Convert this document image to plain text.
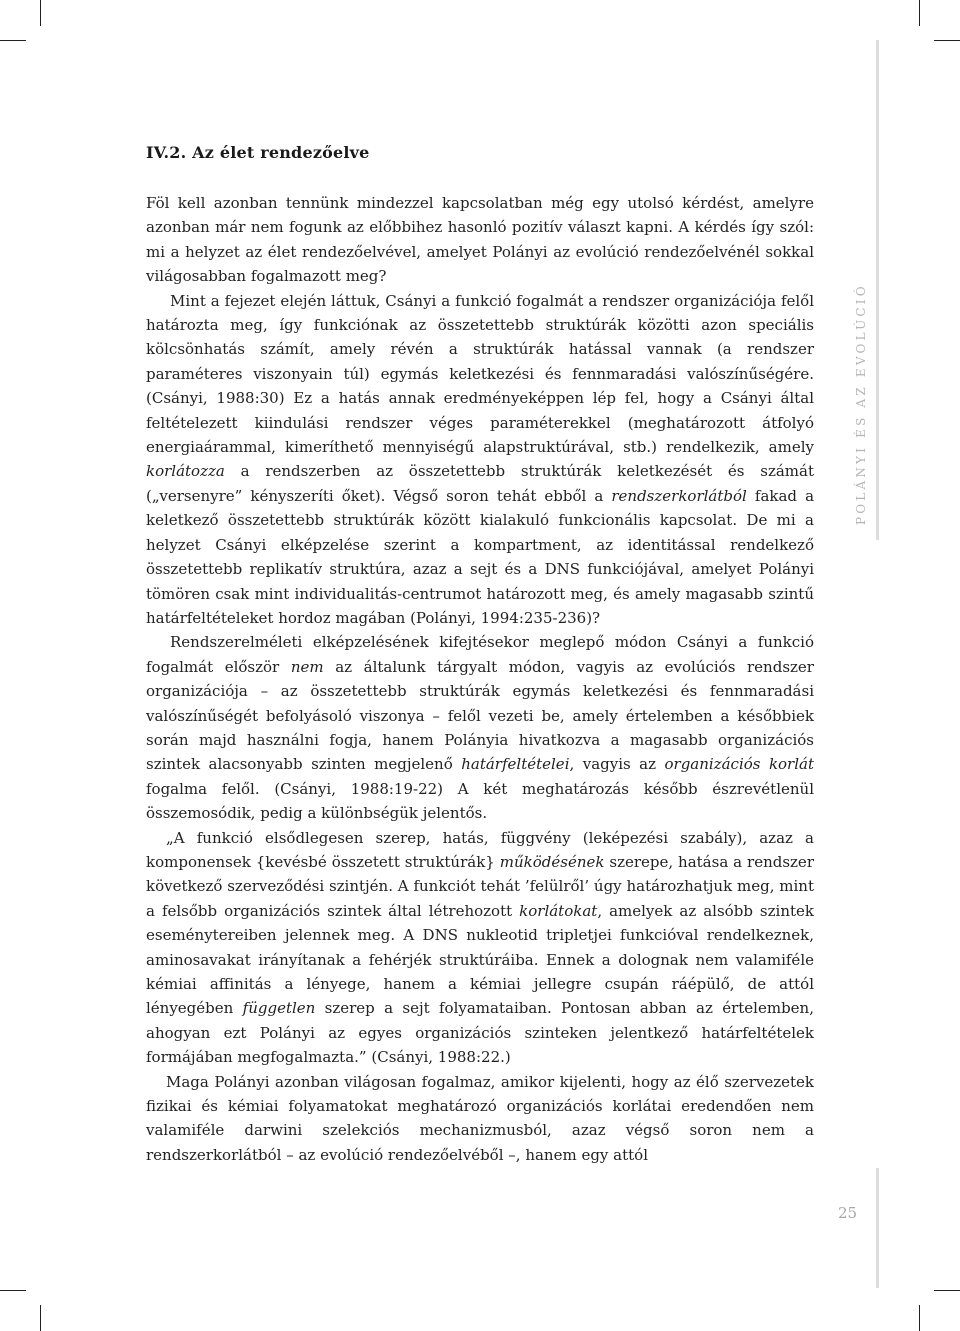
IV.2. Az élet rendezőelve

Föl kell azonban tennünk mindezzel kapcsolatban még egy utolsó kérdést, amelyre azonban már nem fogunk az előbbihez hasonló pozitív választ kapni. A kérdés így szól: mi a helyzet az élet rendezőelvével, amelyet Polányi az evolúció rendezőelvénél sokkal világosabban fogalmazott meg?

Mint a fejezet elején láttuk, Csányi a funkció fogalmát a rendszer organizációja felől határozta meg, így funkciónak az összetettebb struktúrák közötti azon speciális kölcsönhatás számít, amely révén a struktúrák hatással vannak (a rendszer paraméteres viszonyain túl) egymás keletkezési és fennmaradási valószínűségére. (Csányi, 1988:30) Ez a hatás annak eredményeképpen lép fel, hogy a Csányi által feltételezett kiindulási rendszer véges paraméterekkel (meghatározott átfolyó energiaárammal, kimeríthető mennyiségű alapstruktúrával, stb.) rendelkezik, amely korlátozza a rendszerben az összetettebb struktúrák keletkezését és számát („versenyre” kényszeríti őket). Végső soron tehát ebből a rendszerkorlátból fakad a keletkező összetettebb struktúrák között kialakuló funkcionális kapcsolat. De mi a helyzet Csányi elképzelése szerint a kompartment, az identitással rendelkező összetettebb replikatív struktúra, azaz a sejt és a DNS funkciójával, amelyet Polányi tömören csak mint individualitás-centrumot határozott meg, és amely magasabb szintű határfeltételeket hordoz magában (Polányi, 1994:235-236)?

Rendszerelméleti elképzelésének kifejtésekor meglepő módon Csányi a funkció fogalmát először nem az általunk tárgyalt módon, vagyis az evolúciós rendszer organizációja – az összetettebb struktúrák egymás keletkezési és fennmaradási valószínűségét befolyásoló viszonya – felől vezeti be, amely értelemben a későbbiek során majd használni fogja, hanem Polányia hivatkozva a magasabb organizációs szintek alacsonyabb szinten megjelenő határfeltételei, vagyis az organizációs korlát fogalma felől. (Csányi, 1988:19-22) A két meghatározás később észrevétlenül összemosódik, pedig a különbségük jelentős.

„A funkció elsődlegesen szerep, hatás, függvény (leképezési szabály), azaz a komponensek {kevésbé összetett struktúrák} működésének szerepe, hatása a rendszer következő szerveződési szintjén. A funkciót tehát ’felülről’ úgy határozhatjuk meg, mint a felsőbb organizációs szintek által létrehozott korlátokat, amelyek az alsóbb szintek eseménytereiben jelennek meg. A DNS nukleotid tripletjei funkcióval rendelkeznek, aminosavakat irányítanak a fehérjék struktúráiba. Ennek a dolognak nem valamiféle kémiai affinitás a lényege, hanem a kémiai jellegre csupán ráépülő, de attól lényegében független szerep a sejt folyamataiban. Pontosan abban az értelemben, ahogyan ezt Polányi az egyes organizációs szinteken jelentkező határfeltételek formájában megfogalmazta.” (Csányi, 1988:22.)

Maga Polányi azonban világosan fogalmaz, amikor kijelenti, hogy az élő szervezetek fizikai és kémiai folyamatokat meghatározó organizációs korlátai eredendően nem valamiféle darwini szelekciós mechanizmusból, azaz végső soron nem a rendszerkorlátból – az evolúció rendezőelvéből –, hanem egy attól

POLÁNYI ÉS AZ EVOLÚCIÓ
25
